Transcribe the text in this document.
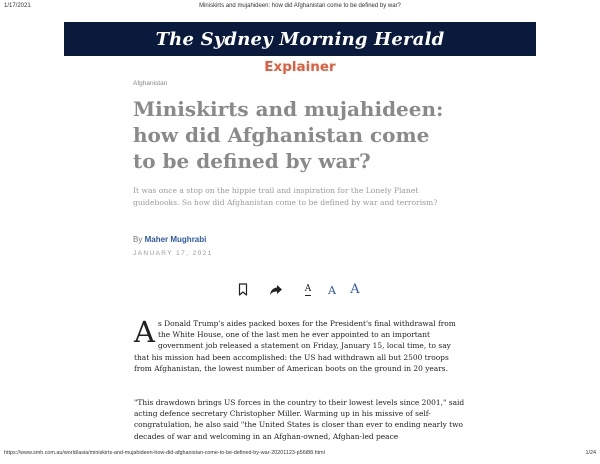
1/17/2021	Miniskirts and mujahideen: how did Afghanistan come to be defined by war?
The Sydney Morning Herald
Explainer
Afghanistan
Miniskirts and mujahideen: how did Afghanistan come to be defined by war?

It was once a stop on the hippie trail and inspiration for the Lonely Planet guidebooks. So how did Afghanistan come to be defined by war and terrorism?

By Maher Mughrabi
JANUARY 17, 2021
A A A

As Donald Trump's aides packed boxes for the President's final withdrawal from the White House, one of the last men he ever appointed to an important government job released a statement on Friday, January 15, local time, to say that his mission had been accomplished: the US had withdrawn all but 2500 troops from Afghanistan, the lowest number of American boots on the ground in 20 years.

"This drawdown brings US forces in the country to their lowest levels since 2001," said acting defence secretary Christopher Miller. Warming up in his missive of self-congratulation, he also said "the United States is closer than ever to ending nearly two decades of war and welcoming in an Afghan-owned, Afghan-led peace

https://www.smh.com.au/world/asia/miniskirts-and-mujahideen-how-did-afghanistan-come-to-be-defined-by-war-20201123-p56t88.html	1/24
